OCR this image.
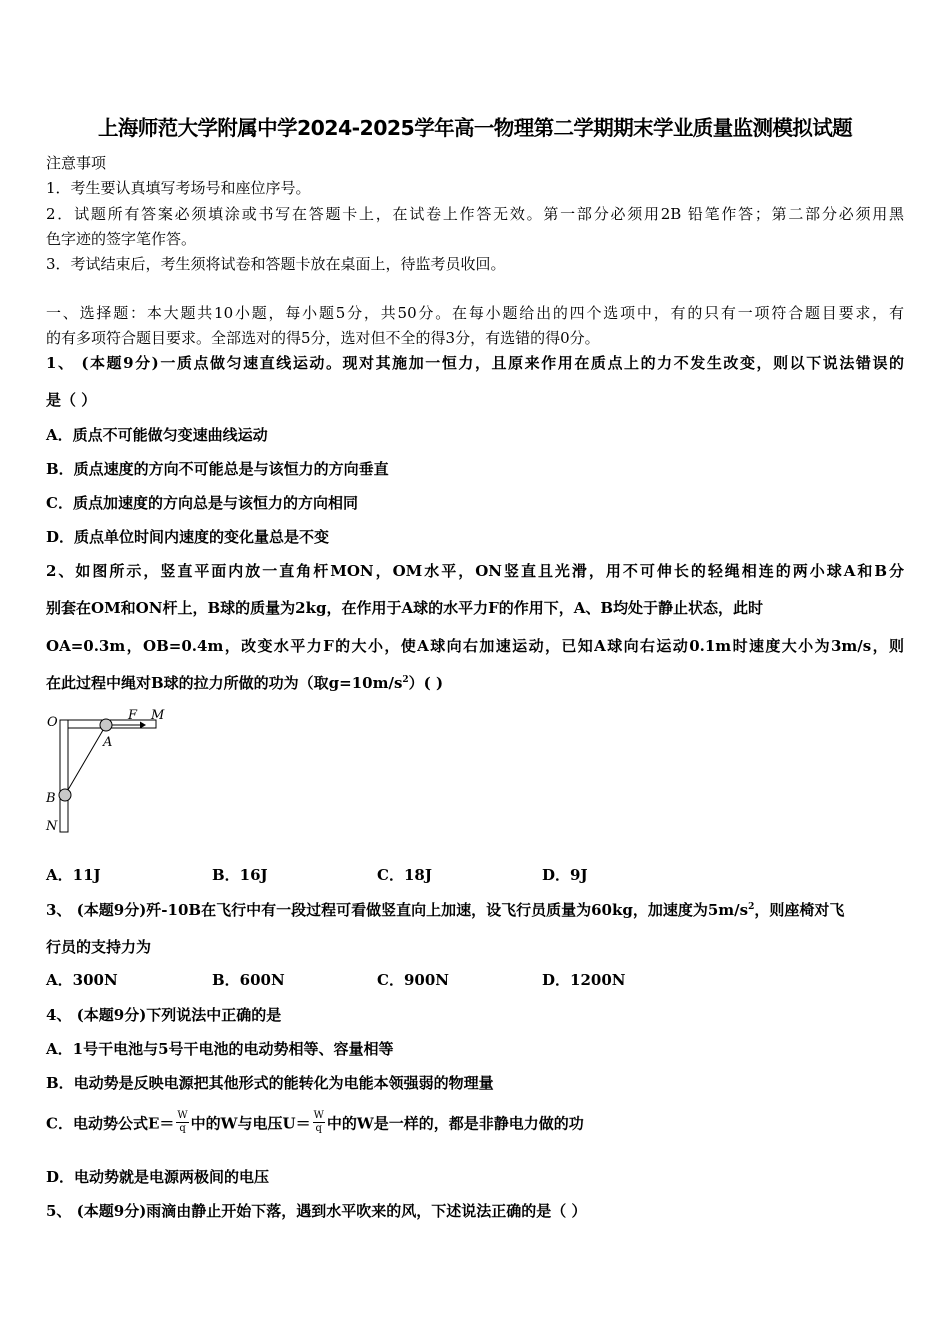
上海师范大学附属中学2024-2025学年高一物理第二学期期末学业质量监测模拟试题
注意事项
1．考生要认真填写考场号和座位序号。
2．试题所有答案必须填涂或书写在答题卡上，在试卷上作答无效。第一部分必须用2B 铅笔作答；第二部分必须用黑
色字迹的签字笔作答。
3．考试结束后，考生须将试卷和答题卡放在桌面上，待监考员收回。
一、选择题：本大题共10小题，每小题5分，共50分。在每小题给出的四个选项中，有的只有一项符合题目要求，有
的有多项符合题目要求。全部选对的得5分，选对但不全的得3分，有选错的得0分。
1、 (本题9分)一质点做匀速直线运动。现对其施加一恒力，且原来作用在质点上的力不发生改变，则以下说法错误的
是（ ）
A．质点不可能做匀变速曲线运动
B．质点速度的方向不可能总是与该恒力的方向垂直
C．质点加速度的方向总是与该恒力的方向相同
D．质点单位时间内速度的变化量总是不变
2、如图所示，竖直平面内放一直角杆MON，OM水平，ON竖直且光滑，用不可伸长的轻绳相连的两小球A和B分
别套在OM和ON杆上，B球的质量为2kg，在作用于A球的水平力F的作用下，A、B均处于静止状态，此时
OA=0.3m，OB=0.4m，改变水平力F的大小，使A球向右加速运动，已知A球向右运动0.1m时速度大小为3m/s，则
在此过程中绳对B球的拉力所做的功为（取$g=10m/s^2$）( )
O	F M
A
B
N
A．11J	B．16J	C．18J	D．9J
3、 (本题9分)歼-10B在飞行中有一段过程可看做竖直向上加速，设飞行员质量为60kg，加速度为$5m/s^2$，则座椅对飞
行员的支持力为
A．300N	B．600N	C．900N	D．1200N
4、 (本题9分)下列说法中正确的是
A．1号干电池与5号干电池的电动势相等、容量相等
B．电动势是反映电源把其他形式的能转化为电能本领强弱的物理量
C．电动势公式$E= \frac{W}{q}$ 中的W与电压$U= \frac{W}{q}$ 中的W是一样的，都是非静电力做的功
D．电动势就是电源两极间的电压
5、 (本题9分)雨滴由静止开始下落，遇到水平吹来的风，下述说法正确的是（ ）
